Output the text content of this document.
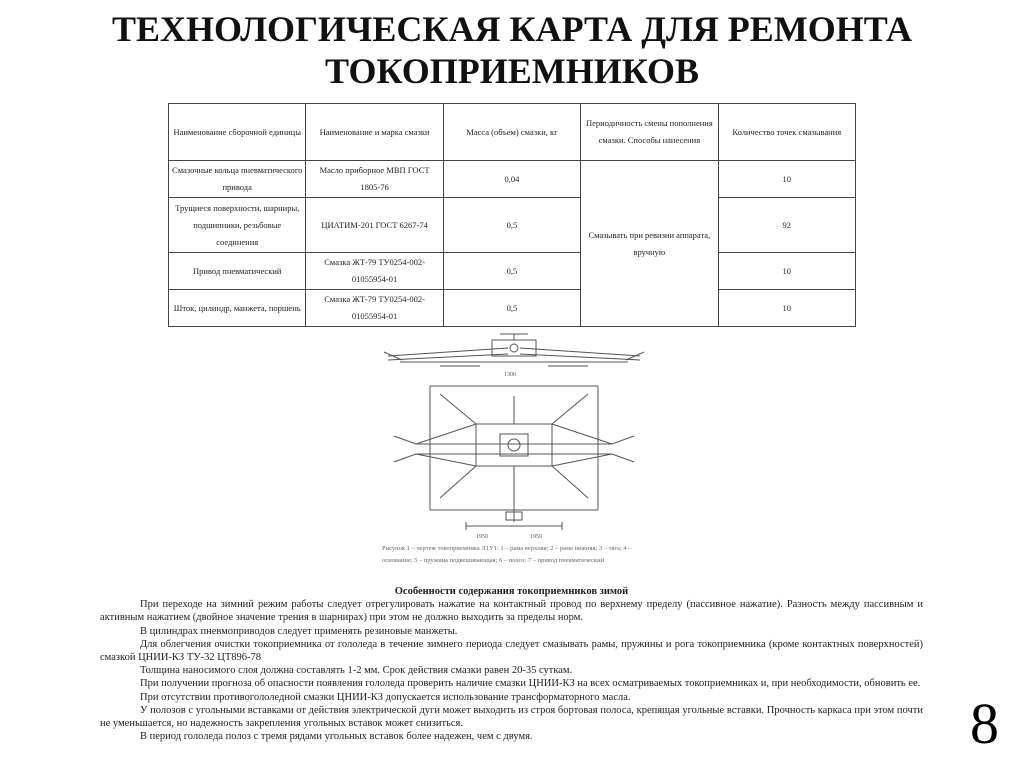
ТЕХНОЛОГИЧЕСКАЯ КАРТА ДЛЯ РЕМОНТА ТОКОПРИЕМНИКОВ
Наименование сборочной единицы	Наименование и марка смазки	Масса (объем) смазки, кг	Периодичность смены пополнения смазки. Способы нанесения	Количество точек смазывания
Смазочные кольца пневматического привода	Масло приборное МВП ГОСТ 1805-76	0,04	Смазывать при ревизии аппарата, вручную	10
Трущиеся поверхности, шарниры, подшипники, резьбовые соединения	ЦИАТИМ-201 ГОСТ 6267-74	0,5		92
Привод пневматический	Смазка ЖТ-79 ТУ0254-002-01055954-01	0,5		10
Шток, цилиндр, манжета, поршень	Смазка ЖТ-79 ТУ0254-002-01055954-01	0,5		10
1300
1950	1950
Рисунок 1 – чертеж токоприемника Л1У1: 1 – рама верхняя; 2 – рама нижняя; 3 – тяга; 4 – основание; 5 – пружина подвешивающая; 6 – полоз; 7 – привод пневматический
Особенности содержания токоприемников зимой

При переходе на зимний режим работы следует отрегулировать нажатие на контактный провод по верхнему пределу (пассивное нажатие). Разность между пассивным и активным нажатием (двойное значение трения в шарнирах) при этом не должно выходить за пределы норм.

В цилиндрах пневмоприводов следует применять резиновые манжеты.

Для облегчения очистки токоприемника от гололеда в течение зимнего периода следует смазывать рамы, пружины и рога токоприемника (кроме контактных поверхностей) смазкой ЦНИИ-КЗ ТУ-32 ЦТ896-78

Толщина наносимого слоя должна составлять 1-2 мм. Срок действия смазки равен 20-35 суткам.

При получении прогноза об опасности появления гололеда проверить наличие смазки ЦНИИ-КЗ на всех осматриваемых токоприемниках и, при необходимости, обновить ее.

При отсутствии противогололедной смазки ЦНИИ-КЗ допускается использование трансформаторного масла.

У полозов с угольными вставками от действия электрической дуги может выходить из строя бортовая полоса, крепящая угольные вставки. Прочность каркаса при этом почти не уменьшается, но надежность закрепления угольных вставок может снизиться.

В период гололеда полоз с тремя рядами угольных вставок более надежен, чем с двумя.	8
